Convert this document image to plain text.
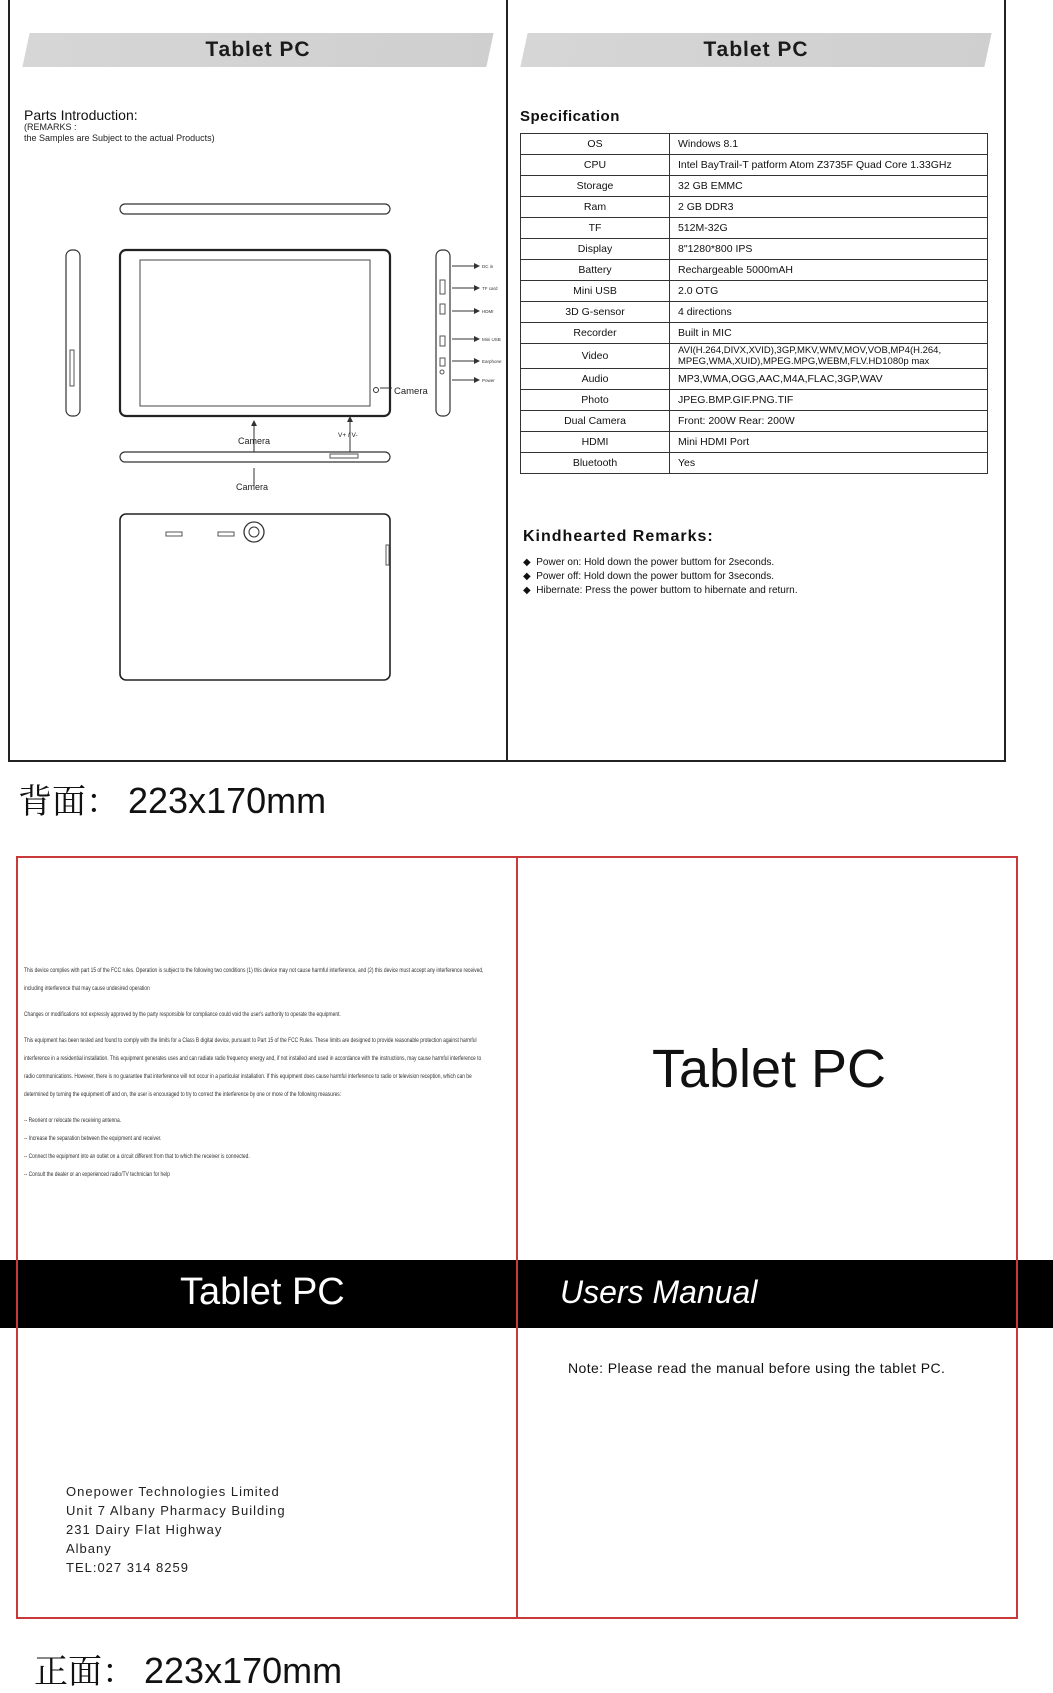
Tablet PC	Tablet PC
Parts Introduction:
(REMARKS :
the Samples are Subject to the actual Products)
DC in
TF card
HDMI
Mini USB
Earphone
Power
Camera
Camera
V+ / V-
Camera
Specification
OS	Windows 8.1
CPU	Intel BayTrail-T patform Atom Z3735F Quad Core 1.33GHz
Storage	32 GB EMMC
Ram	2 GB DDR3
TF	512M-32G
Display	8"1280*800 IPS
Battery	Rechargeable 5000mAH
Mini USB	2.0 OTG
3D G-sensor	4 directions
Recorder	Built in MIC
Video	AVI(H.264,DIVX,XVID),3GP,MKV,WMV,MOV,VOB,MP4(H.264, MPEG,WMA,XUID),MPEG.MPG,WEBM,FLV.HD1080p max
Audio	MP3,WMA,OGG,AAC,M4A,FLAC,3GP,WAV
Photo	JPEG.BMP.GIF.PNG.TIF
Dual Camera	Front: 200W Rear: 200W
HDMI	Mini HDMI Port
Bluetooth	Yes
Kindhearted Remarks:
◆ Power on: Hold down the power buttom for 2seconds.
◆ Power off: Hold down the power buttom for 3seconds.
◆ Hibernate: Press the power buttom to hibernate and return.
背面： 223x170mm

This device complies with part 15 of the FCC rules. Operation is subject to the following two conditions (1) this device may not cause harmful interference, and (2) this device must accept any interference received, including interference that may cause undesired operation

Changes or modifications not expressly approved by the party responsible for compliance could void the user's authority to operate the equipment.

This equipment has been tested and found to comply with the limits for a Class B digital device, pursuant to Part 15 of the FCC Rules. These limits are designed to provide reasonable protection against harmful interference in a residential installation. This equipment generates uses and can radiate radio frequency energy and, if not installed and used in accordance with the instructions, may cause harmful interference to radio communications. However, there is no guarantee that interference will not occur in a particular installation. If this equipment does cause harmful interference to radio or television reception, which can be determined by turning the equipment off and on, the user is encouraged to try to correct the interference by one or more of the following measures:

-- Reorient or relocate the receiving antenna.

-- Increase the separation between the equipment and receiver.

-- Connect the equipment into an outlet on a circuit different from that to which the receiver is connected.

-- Consult the dealer or an experienced radio/TV technician for help

Tablet PC
Tablet PC	Users Manual
Note: Please read the manual before using the tablet PC.
Onepower Technologies Limited
Unit 7 Albany Pharmacy Building
231 Dairy Flat Highway
Albany
TEL:027 314 8259
正面： 223x170mm
